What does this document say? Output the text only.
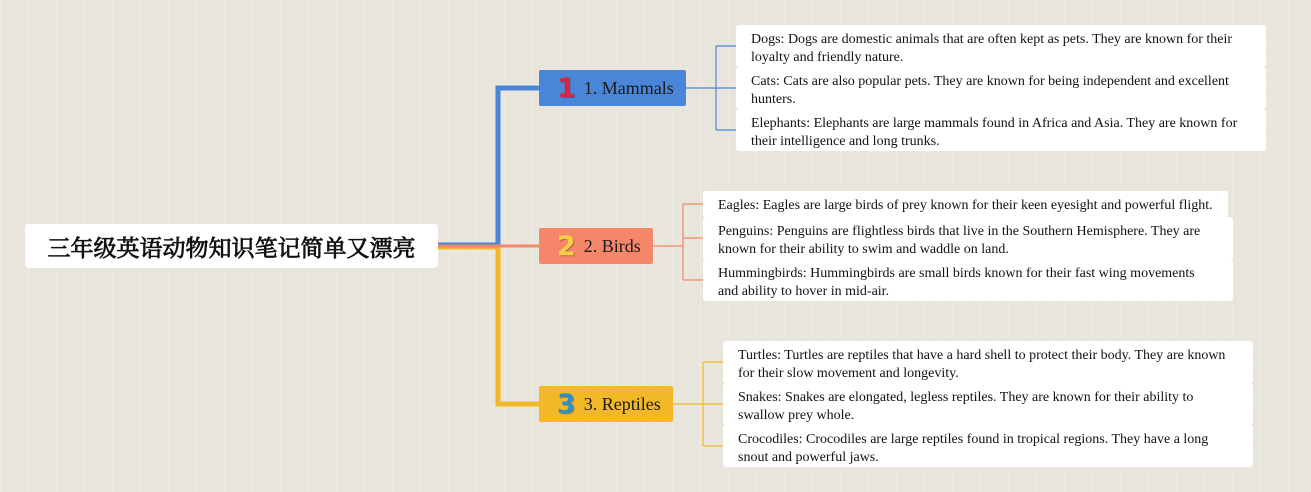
三年级英语动物知识笔记简单又漂亮
1 1. Mammals
Dogs: Dogs are domestic animals that are often kept as pets. They are known for their loyalty and friendly nature.
Cats: Cats are also popular pets. They are known for being independent and excellent hunters.
Elephants: Elephants are large mammals found in Africa and Asia. They are known for their intelligence and long trunks.
2 2. Birds
Eagles: Eagles are large birds of prey known for their keen eyesight and powerful flight.
Penguins: Penguins are flightless birds that live in the Southern Hemisphere. They are known for their ability to swim and waddle on land.
Hummingbirds: Hummingbirds are small birds known for their fast wing movements and ability to hover in mid-air.
3 3. Reptiles
Turtles: Turtles are reptiles that have a hard shell to protect their body. They are known for their slow movement and longevity.
Snakes: Snakes are elongated, legless reptiles. They are known for their ability to swallow prey whole.
Crocodiles: Crocodiles are large reptiles found in tropical regions. They have a long snout and powerful jaws.
